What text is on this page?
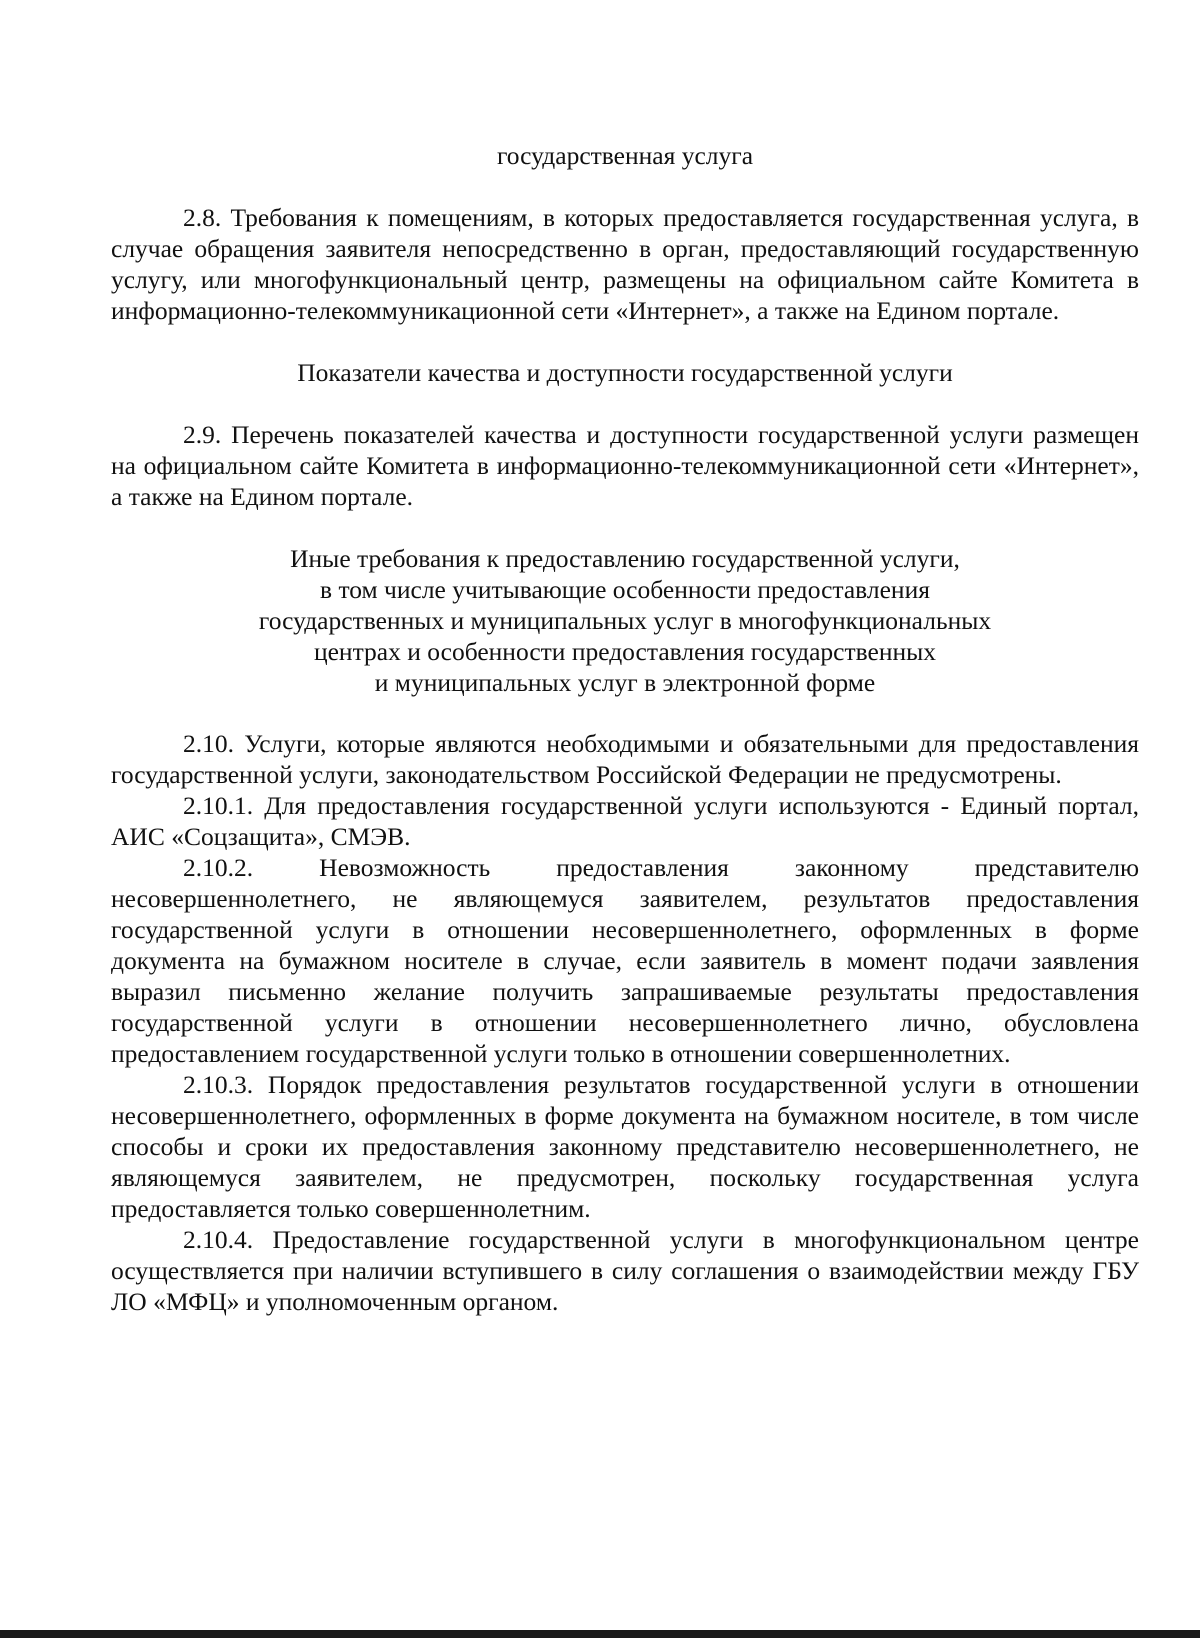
государственная услуга

2.8. Требования к помещениям, в которых предоставляется государственная услуга, в случае обращения заявителя непосредственно в орган, предоставляющий государственную услугу, или многофункциональный центр, размещены на официальном сайте Комитета в информационно-телекоммуникационной сети «Интернет», а также на Едином портале.

Показатели качества и доступности государственной услуги

2.9. Перечень показателей качества и доступности государственной услуги размещен на официальном сайте Комитета в информационно-телекоммуникационной сети «Интернет», а также на Едином портале.

Иные требования к предоставлению государственной услуги,
в том числе учитывающие особенности предоставления
государственных и муниципальных услуг в многофункциональных
центрах и особенности предоставления государственных
и муниципальных услуг в электронной форме

2.10. Услуги, которые являются необходимыми и обязательными для предоставления государственной услуги, законодательством Российской Федерации не предусмотрены.

2.10.1. Для предоставления государственной услуги используются - Единый портал, АИС «Соцзащита», СМЭВ.

2.10.2. Невозможность предоставления законному представителю несовершеннолетнего, не являющемуся заявителем, результатов предоставления государственной услуги в отношении несовершеннолетнего, оформленных в форме документа на бумажном носителе в случае, если заявитель в момент подачи заявления выразил письменно желание получить запрашиваемые результаты предоставления государственной услуги в отношении несовершеннолетнего лично, обусловлена предоставлением государственной услуги только в отношении совершеннолетних.

2.10.3. Порядок предоставления результатов государственной услуги в отношении несовершеннолетнего, оформленных в форме документа на бумажном носителе, в том числе способы и сроки их предоставления законному представителю несовершеннолетнего, не являющемуся заявителем, не предусмотрен, поскольку государственная услуга предоставляется только совершеннолетним.

2.10.4. Предоставление государственной услуги в многофункциональном центре осуществляется при наличии вступившего в силу соглашения о взаимодействии между ГБУ ЛО «МФЦ» и уполномоченным органом.
